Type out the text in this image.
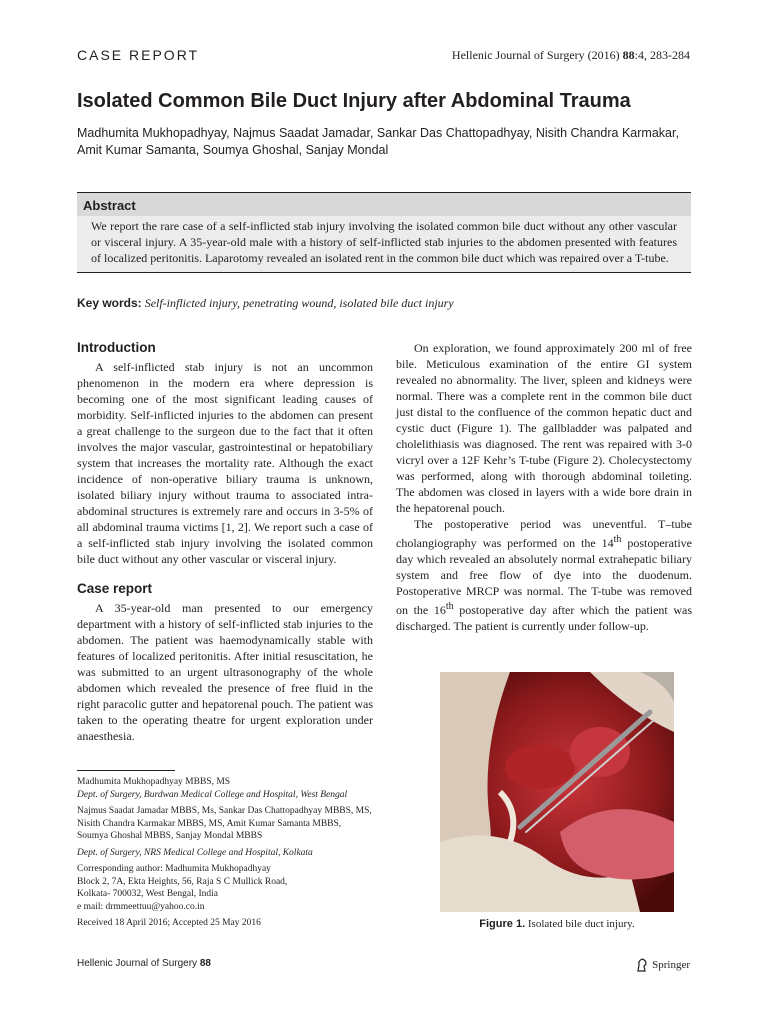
CASE REPORT	Hellenic Journal of Surgery (2016) 88:4, 283-284
Isolated Common Bile Duct Injury after Abdominal Trauma
Madhumita Mukhopadhyay, Najmus Saadat Jamadar, Sankar Das Chattopadhyay, Nisith Chandra Karmakar,
Amit Kumar Samanta, Soumya Ghoshal, Sanjay Mondal
Abstract
We report the rare case of a self-inflicted stab injury involving the isolated common bile duct without any other vascular or visceral injury. A 35-year-old male with a history of self-inflicted stab injuries to the abdomen presented with features of localized peritonitis. Laparotomy revealed an isolated rent in the common bile duct which was repaired over a T-tube.
Key words: Self-inflicted injury, penetrating wound, isolated bile duct injury
Introduction

A self-inflicted stab injury is not an uncommon phenomenon in the modern era where depression is becoming one of the most significant leading causes of morbidity. Self-inflicted injuries to the abdomen can present a great challenge to the surgeon due to the fact that it often involves the major vascular, gastrointestinal or hepatobiliary system that increases the mortality rate. Although the exact incidence of non-operative biliary trauma is unknown, isolated biliary injury without trauma to associated intra-abdominal structures is extremely rare and occurs in 3-5% of all abdominal trauma victims [1, 2]. We report such a case of a self-inflicted stab injury involving the isolated common bile duct without any other vascular or visceral injury.

Case report

A 35-year-old man presented to our emergency department with a history of self-inflicted stab injuries to the abdomen. The patient was haemodynamically stable with features of localized peritonitis. After initial resuscitation, he was submitted to an urgent ultrasonography of the whole abdomen which revealed the presence of free fluid in the right paracolic gutter and hepatorenal pouch. The patient was taken to the operating theatre for urgent exploration under anaesthesia.

On exploration, we found approximately 200 ml of free bile. Meticulous examination of the entire GI system revealed no abnormality. The liver, spleen and kidneys were normal. There was a complete rent in the common bile duct just distal to the confluence of the common hepatic duct and cystic duct (Figure 1). The gallbladder was palpated and cholelithiasis was diagnosed. The rent was repaired with 3-0 vicryl over a 12F Kehr’s T-tube (Figure 2). Cholecystectomy was performed, along with thorough abdominal toileting. The abdomen was closed in layers with a wide bore drain in the hepatorenal pouch.

The postoperative period was uneventful. T–tube cholangiography was performed on the 14th postoperative day which revealed an absolutely normal extrahepatic biliary system and free flow of dye into the duodenum. Postoperative MRCP was normal. The T-tube was removed on the 16th postoperative day after which the patient was discharged. The patient is currently under follow-up.

Madhumita Mukhopadhyay MBBS, MS
Dept. of Surgery, Burdwan Medical College and Hospital, West Bengal
Najmus Saadat Jamadar MBBS, Ms, Sankar Das Chattopadhyay MBBS, MS,
Nisith Chandra Karmakar MBBS, MS, Amit Kumar Samanta MBBS,
Soumya Ghoshal MBBS, Sanjay Mondal MBBS
Dept. of Surgery, NRS Medical College and Hospital, Kolkata
Corresponding author: Madhumita Mukhopadhyay
Block 2, 7A, Ekta Heights, 56, Raja S C Mullick Road,
Kolkata- 700032, West Bengal, India
e mail: drmmeettuu@yahoo.co.in
Received 18 April 2016; Accepted 25 May 2016	Figure 1. Isolated bile duct injury.
Hellenic Journal of Surgery 88	Springer
